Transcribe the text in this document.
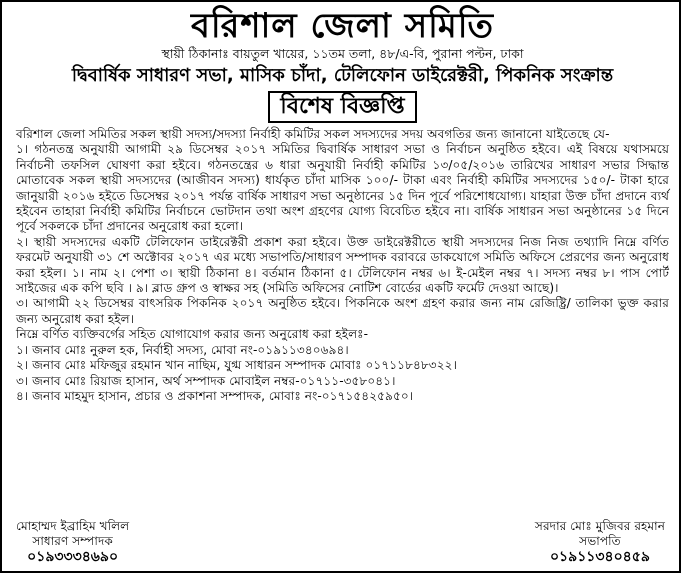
বরিশাল জেলা সমিতি

স্থায়ী ঠিকানাঃ বায়তুল খায়ের, ১১তম তলা, ৪৮/এ-বি, পুরানা পল্টন, ঢাকা

দ্বিবার্ষিক সাধারণ সভা, মাসিক চাঁদা, টেলিফোন ডাইরেক্টরী, পিকনিক সংক্রান্ত

বিশেষ বিজ্ঞপ্তি

বরিশাল জেলা সমিতির সকল স্থায়ী সদস্য/সদস্যা নির্বাহী কমিটির সকল সদস্যদের সদয় অবগতির জন্য জানানো যাইতেছে যে-

১। গঠনতন্ত্র অনুযায়ী আগামী ২৯ ডিসেম্বর ২০১৭ সমিতির দ্বিবার্ষিক সাধারণ সভা ও নির্বাচন অনুষ্ঠিত হইবে। এই বিষয়ে যথাসময়ে নির্বাচনী তফসিল ঘোষণা করা হইবে। গঠনতন্ত্রের ৬ ধারা অনুযায়ী নির্বাহী কমিটির ১৩/০৫/২০১৬ তারিখের সাধারণ সভার সিদ্ধান্ত মোতাবেক সকল স্থায়ী সদস্যদের (আজীবন সদস্য) ধার্যকৃত চাঁদা মাসিক ১০০/- টাকা এবং নির্বাহী কমিটির সদস্যদের ১৫০/- টাকা হারে জানুয়ারী ২০১৬ হইতে ডিসেম্বর ২০১৭ পর্যন্ত বার্ষিক সাধারণ সভা অনুষ্ঠানের ১৫ দিন পূর্বে পরিশোধযোগ্য। যাহারা উক্ত চাঁদা প্রদানে ব্যর্থ হইবেন তাহারা নির্বাহী কমিটির নির্বাচনে ভোটদান তথা অংশ গ্রহণের যোগ্য বিবেচিত হইবে না। বার্ষিক সাধারন সভা অনুষ্ঠানের ১৫ দিনে পূর্বে সকলকে চাঁদা প্রদানের অনুরোধ করা হলো।

২। স্থায়ী সদস্যদের একটি টেলিফোন ডাইরেক্টরী প্রকাশ করা হইবে। উক্ত ডাইরেক্টরীতে স্থায়ী সদস্যদের নিজ নিজ তথ্যাদি নিম্নে বর্ণিত ফরমেট অনুযায়ী ৩১ শে অক্টোবর ২০১৭ এর মধ্যে সভাপতি/সাধারণ সম্পাদক বরাবরে ডাকযোগে সমিতি অফিসে প্রেরণের জন্য অনুরোধ করা হইল। ১। নাম ২। পেশা ৩। স্থায়ী ঠিকানা ৪। বর্তমান ঠিকানা ৫। টেলিফোন নম্বর ৬। ই-মেইল নম্বর ৭। সদস্য নম্বর ৮। পাস পোর্ট সাইজের এক কপি ছবি । ৯। ব্লাড গ্রুপ ও স্বাক্ষর সহ (সমিতি অফিসের নোটিশ বোর্ডের একটি ফর্মেট দেওয়া আছে)।

৩। আগামী ২২ ডিসেম্বর বাৎসরিক পিকনিক ২০১৭ অনুষ্ঠিত হইবে। পিকনিকে অংশ গ্রহণ করার জন্য নাম রেজিষ্ট্রি/ তালিকা ভুক্ত করার জন্য অনুরোধ করা হইল।

নিম্নে বর্ণিত ব্যক্তিবর্গের সহিত যোগাযোগ করার জন্য অনুরোধ করা হইলঃ-

১। জনাব মোঃ নুরুল হক, নির্বাহী সদস্য, মোবা নং-০১৯১১৩৪০৬৯৪।
২। জনাব মোঃ মফিজুর রহমান খান নাছিম, যুগ্ম সাধারন সম্পাদক মোবাঃ ০১৭১১৮৪৮৩২২।
৩। জনাব মোঃ রিয়াজ হাসান, অর্থ সম্পাদক মোবাইল নম্বর-০১৭১১-৩৫৮০৪১।
৪। জনাব মাহমুদ হাসান, প্রচার ও প্রকাশনা সম্পাদক, মোবাঃ নং-০১৭১৫৪২৫৯৫০।
মোহাম্মদ ইব্রাহিম খলিল
সাধারণ সম্পাদক
০১৯৩৩৩৪৬৯০
সরদার মোঃ মুজিবর রহমান
সভাপতি
০১৯১১৩৪০৪৫৯
